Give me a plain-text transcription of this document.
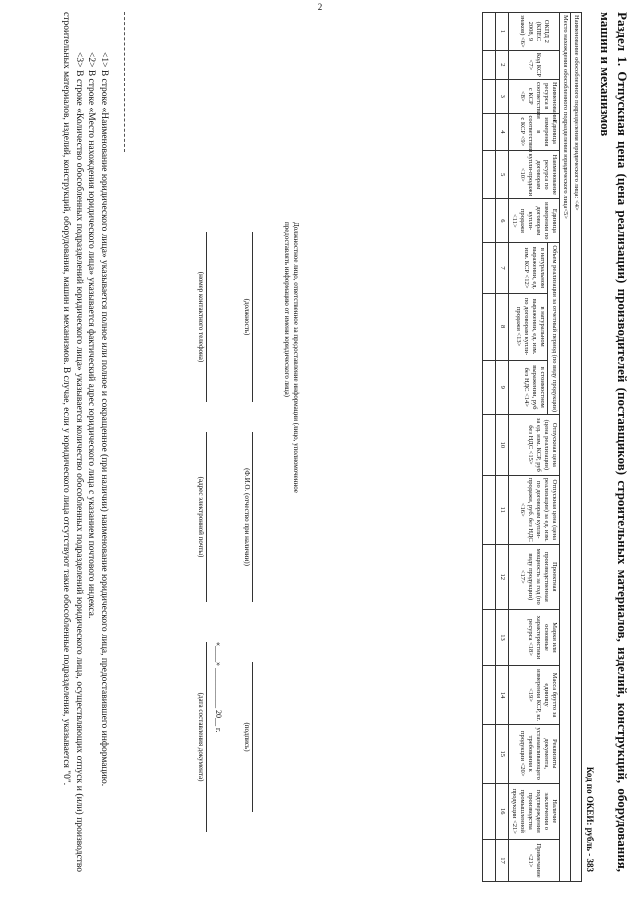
2
Раздел 1. Отпускная цена (цена реализации) производителей (поставщиков) строительных материалов, изделий, конструкций, оборудования, машин и механизмов
Код по ОКЕИ: рубль - 383
Наименование обособленного подразделения юридического лица: <4>																
Место нахождения обособленного подразделения юридического лица<5>																
ОКПД 2 (КПЕС 2008, 9 знаков) <6>	Код КСР <7>	Наименование ресурса в соответствии с КСР <8>	Единица измерения в соответствии с КСР <9>	Наименование ресурса по договорам купли-продажи <10>	Единица измерения по договорам купли-продажи <11>	Объем реализации за отчетный период (по виду продукции)			Отпускная цена (цена реализации) за ед. изм. КСР, руб без НДС <15>	Отпускная цена (цена реализации) за ед. изм. по договорам купли-продажи, руб. без НДС <16>	Проектная производственная мощность за год (по виду продукции) <17>	Марки или основные характеристики ресурса <18>	Масса брутто за единицу измерения КСР, кг. <19>	Реквизиты документа, устанавливающего требования к продукции <20>	Наличие заключения о подтверждении производства промышленной продукции <21>	Примечание <21>
						в натуральном выражении, ед. изм. КСР <12>	в натуральном выражении, ед. изм. по договорам купли-продажи <13>	в стоимостном выражении, руб без НДС <14>								
1	2	3	4	5	6	7	8	9	10	11	12	13	14	15	16	17

Должностное лицо, ответственное за предоставление информации (лицо, уполномоченное предоставлять информацию от имени юридического лица)
(должность)
(Ф.И.О. (отчество при наличии))
(подпись)
(номер контактного телефона)
(адрес электронной почты)
«____» __________ 20__ г.
(дата составления документа)

<1> В строке «Наименование юридического лица» указывается полное или полное и сокращенное (при наличии) наименование юридического лица, предоставившего информацию.

<2> В строке «Место нахождения юридического лица» указывается фактический адрес юридического лица с указанием почтового индекса.

<3> В строке «Количество обособленных подразделений юридического лица» указывается количество обособленных подразделений юридического лица, осуществляющих отпуск и (или) производство строительных материалов, изделий, конструкций, оборудования, машин и механизмов. В случае, если у юридического лица отсутствуют такие обособленные подразделения, указывается "0".
